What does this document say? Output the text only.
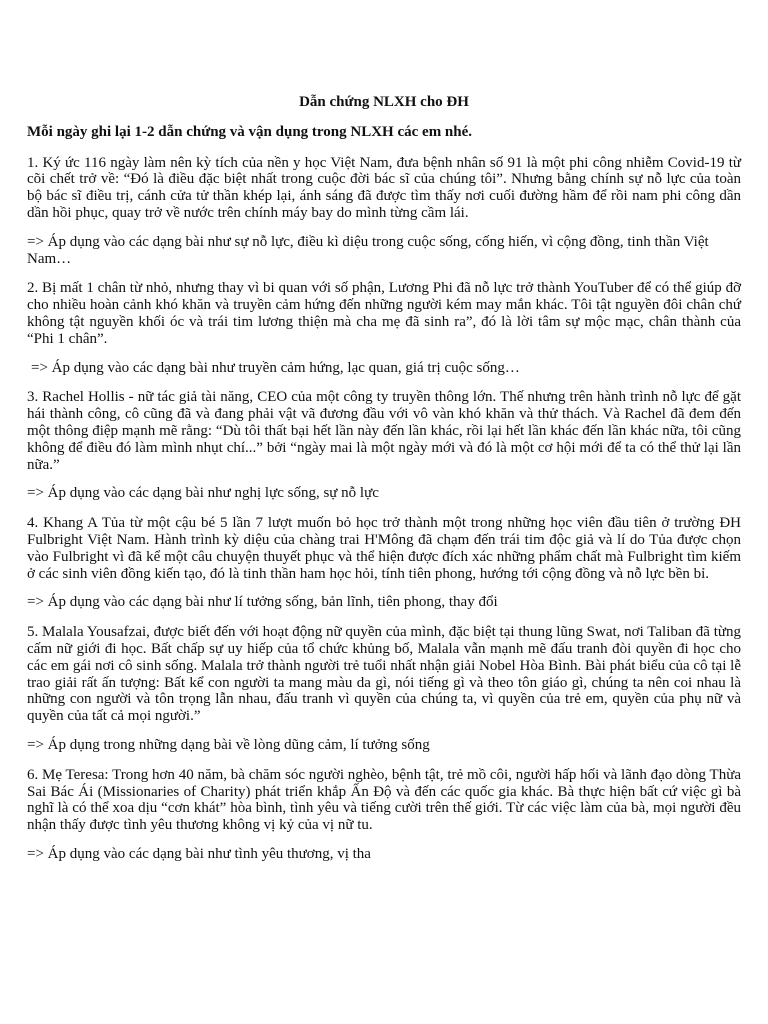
Dẫn chứng NLXH cho ĐH

Mỗi ngày ghi lại 1-2 dẫn chứng và vận dụng trong NLXH các em nhé.

1. Ký ức 116 ngày làm nên kỳ tích của nền y học Việt Nam, đưa bệnh nhân số 91 là một phi công nhiễm Covid-19 từ cõi chết trở về: “Đó là điều đặc biệt nhất trong cuộc đời bác sĩ của chúng tôi”. Nhưng bằng chính sự nỗ lực của toàn bộ bác sĩ điều trị, cánh cửa tử thần khép lại, ánh sáng đã được tìm thấy nơi cuối đường hầm để rồi nam phi công dần dần hồi phục, quay trở về nước trên chính máy bay do mình từng cầm lái.

=> Áp dụng vào các dạng bài như sự nỗ lực, điều kì diệu trong cuộc sống, cống hiến, vì cộng đồng, tinh thần Việt Nam…

2. Bị mất 1 chân từ nhỏ, nhưng thay vì bi quan với số phận, Lương Phi đã nỗ lực trở thành YouTuber để có thể giúp đỡ cho nhiều hoàn cảnh khó khăn và truyền cảm hứng đến những người kém may mắn khác. Tôi tật nguyền đôi chân chứ không tật nguyền khối óc và trái tim lương thiện mà cha mẹ đã sinh ra”, đó là lời tâm sự mộc mạc, chân thành của “Phi 1 chân”.

=> Áp dụng vào các dạng bài như truyền cảm hứng, lạc quan, giá trị cuộc sống…

3. Rachel Hollis - nữ tác giả tài năng, CEO của một công ty truyền thông lớn. Thế nhưng trên hành trình nỗ lực để gặt hái thành công, cô cũng đã và đang phải vật vã đương đầu với vô vàn khó khăn và thử thách. Và Rachel đã đem đến một thông điệp mạnh mẽ rằng: “Dù tôi thất bại hết lần này đến lần khác, rồi lại hết lần khác đến lần khác nữa, tôi cũng không để điều đó làm mình nhụt chí...” bởi “ngày mai là một ngày mới và đó là một cơ hội mới để ta có thể thử lại lần nữa.”

=> Áp dụng vào các dạng bài như nghị lực sống, sự nỗ lực

4. Khang A Tủa từ một cậu bé 5 lần 7 lượt muốn bỏ học trở thành một trong những học viên đầu tiên ở trường ĐH Fulbright Việt Nam. Hành trình kỳ diệu của chàng trai H'Mông đã chạm đến trái tim độc giả và lí do Tủa được chọn vào Fulbright vì đã kể một câu chuyện thuyết phục và thể hiện được đích xác những phẩm chất mà Fulbright tìm kiếm ở các sinh viên đồng kiến tạo, đó là tinh thần ham học hỏi, tính tiên phong, hướng tới cộng đồng và nỗ lực bền bỉ.

=> Áp dụng vào các dạng bài như lí tưởng sống, bản lĩnh, tiên phong, thay đổi

5. Malala Yousafzai, được biết đến với hoạt động nữ quyền của mình, đặc biệt tại thung lũng Swat, nơi Taliban đã từng cấm nữ giới đi học. Bất chấp sự uy hiếp của tổ chức khủng bố, Malala vẫn mạnh mẽ đấu tranh đòi quyền đi học cho các em gái nơi cô sinh sống. Malala trở thành người trẻ tuổi nhất nhận giải Nobel Hòa Bình. Bài phát biểu của cô tại lễ trao giải rất ấn tượng: Bất kể con người ta mang màu da gì, nói tiếng gì và theo tôn giáo gì, chúng ta nên coi nhau là những con người và tôn trọng lẫn nhau, đấu tranh vì quyền của chúng ta, vì quyền của trẻ em, quyền của phụ nữ và quyền của tất cả mọi người.”

=> Áp dụng trong những dạng bài về lòng dũng cảm, lí tưởng sống

6. Mẹ Teresa: Trong hơn 40 năm, bà chăm sóc người nghèo, bệnh tật, trẻ mồ côi, người hấp hối và lãnh đạo dòng Thừa Sai Bác Ái (Missionaries of Charity) phát triển khắp Ấn Độ và đến các quốc gia khác. Bà thực hiện bất cứ việc gì bà nghĩ là có thể xoa dịu “cơn khát” hòa bình, tình yêu và tiếng cười trên thế giới. Từ các việc làm của bà, mọi người đều nhận thấy được tình yêu thương không vị kỷ của vị nữ tu.

=> Áp dụng vào các dạng bài như tình yêu thương, vị tha
